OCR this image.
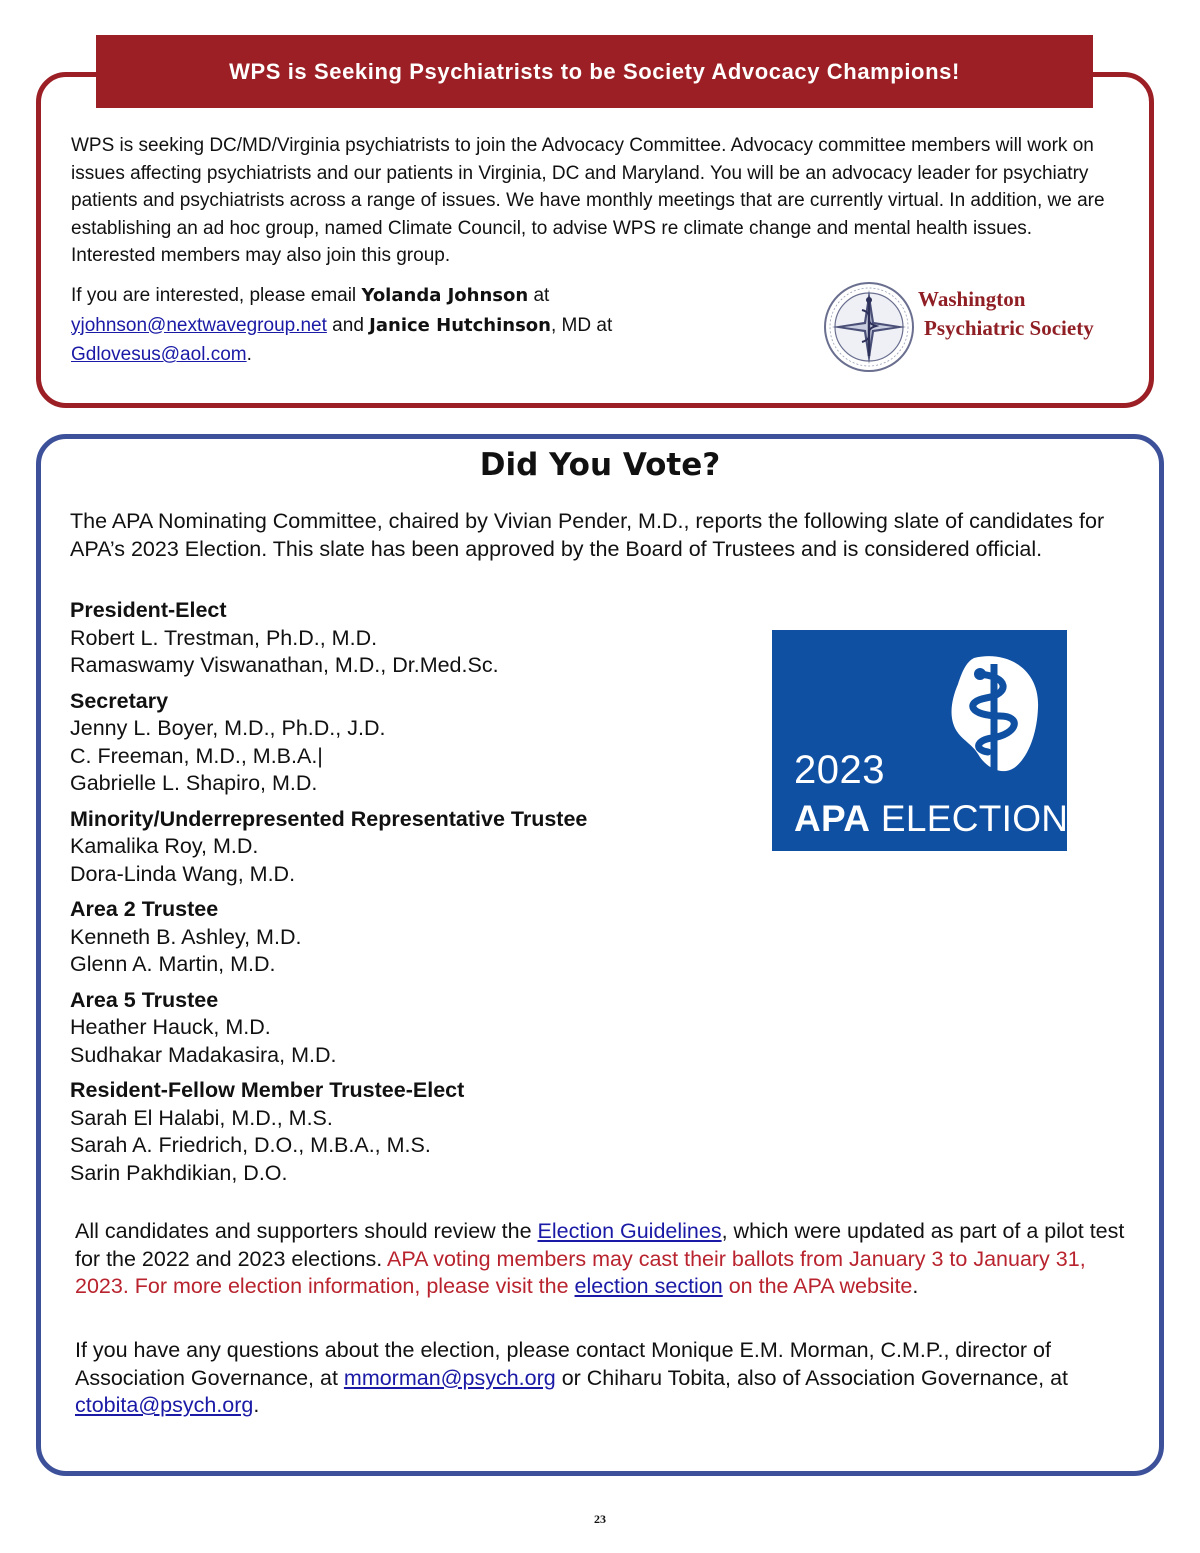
WPS is Seeking Psychiatrists to be Society Advocacy Champions!
WPS is seeking DC/MD/Virginia psychiatrists to join the Advocacy Committee. Advocacy committee members will work on issues affecting psychiatrists and our patients in Virginia, DC and Maryland. You will be an advocacy leader for psychiatry patients and psychiatrists across a range of issues. We have monthly meetings that are currently virtual. In addition, we are establishing an ad hoc group, named Climate Council, to advise WPS re climate change and mental health issues. Interested members may also join this group.
If you are interested, please email Yolanda Johnson at
yjohnson@nextwavegroup.net and Janice Hutchinson, MD at
Gdlovesus@aol.com.
Washington
Psychiatric Society
Did You Vote?
The APA Nominating Committee, chaired by Vivian Pender, M.D., reports the following slate of candidates for APA’s 2023 Election. This slate has been approved by the Board of Trustees and is considered official.
President-Elect
Robert L. Trestman, Ph.D., M.D.
Ramaswamy Viswanathan, M.D., Dr.Med.Sc.
Secretary
Jenny L. Boyer, M.D., Ph.D., J.D.
C. Freeman, M.D., M.B.A.|
Gabrielle L. Shapiro, M.D.
Minority/Underrepresented Representative Trustee
Kamalika Roy, M.D.
Dora-Linda Wang, M.D.
Area 2 Trustee
Kenneth B. Ashley, M.D.
Glenn A. Martin, M.D.
Area 5 Trustee
Heather Hauck, M.D.
Sudhakar Madakasira, M.D.
Resident-Fellow Member Trustee-Elect
Sarah El Halabi, M.D., M.S.
Sarah A. Friedrich, D.O., M.B.A., M.S.
Sarin Pakhdikian, D.O.
2023
APA ELECTION
All candidates and supporters should review the Election Guidelines, which were updated as part of a pilot test for the 2022 and 2023 elections. APA voting members may cast their ballots from January 3 to January 31, 2023. For more election information, please visit the election section on the APA website.
If you have any questions about the election, please contact Monique E.M. Morman, C.M.P., director of Association Governance, at mmorman@psych.org or Chiharu Tobita, also of Association Governance, at ctobita@psych.org.
23
